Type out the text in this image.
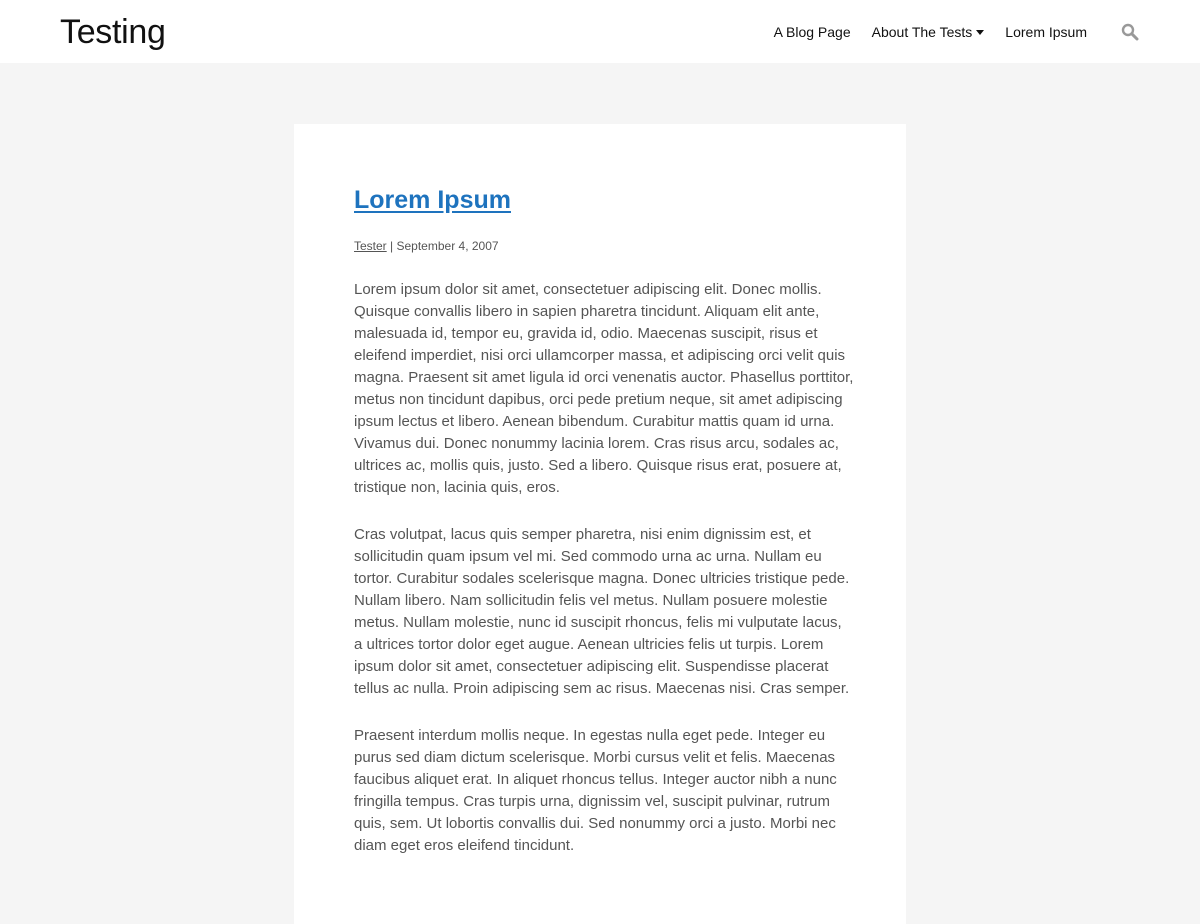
Testing	A Blog Page About The Tests Lorem Ipsum
Lorem Ipsum
Tester | September 4, 2007

Lorem ipsum dolor sit amet, consectetuer adipiscing elit. Donec mollis. Quisque convallis libero in sapien pharetra tincidunt. Aliquam elit ante, malesuada id, tempor eu, gravida id, odio. Maecenas suscipit, risus et eleifend imperdiet, nisi orci ullamcorper massa, et adipiscing orci velit quis magna. Praesent sit amet ligula id orci venenatis auctor. Phasellus porttitor, metus non tincidunt dapibus, orci pede pretium neque, sit amet adipiscing ipsum lectus et libero. Aenean bibendum. Curabitur mattis quam id urna. Vivamus dui. Donec nonummy lacinia lorem. Cras risus arcu, sodales ac, ultrices ac, mollis quis, justo. Sed a libero. Quisque risus erat, posuere at, tristique non, lacinia quis, eros.

Cras volutpat, lacus quis semper pharetra, nisi enim dignissim est, et sollicitudin quam ipsum vel mi. Sed commodo urna ac urna. Nullam eu tortor. Curabitur sodales scelerisque magna. Donec ultricies tristique pede. Nullam libero. Nam sollicitudin felis vel metus. Nullam posuere molestie metus. Nullam molestie, nunc id suscipit rhoncus, felis mi vulputate lacus, a ultrices tortor dolor eget augue. Aenean ultricies felis ut turpis. Lorem ipsum dolor sit amet, consectetuer adipiscing elit. Suspendisse placerat tellus ac nulla. Proin adipiscing sem ac risus. Maecenas nisi. Cras semper.

Praesent interdum mollis neque. In egestas nulla eget pede. Integer eu purus sed diam dictum scelerisque. Morbi cursus velit et felis. Maecenas faucibus aliquet erat. In aliquet rhoncus tellus. Integer auctor nibh a nunc fringilla tempus. Cras turpis urna, dignissim vel, suscipit pulvinar, rutrum quis, sem. Ut lobortis convallis dui. Sed nonummy orci a justo. Morbi nec diam eget eros eleifend tincidunt.
